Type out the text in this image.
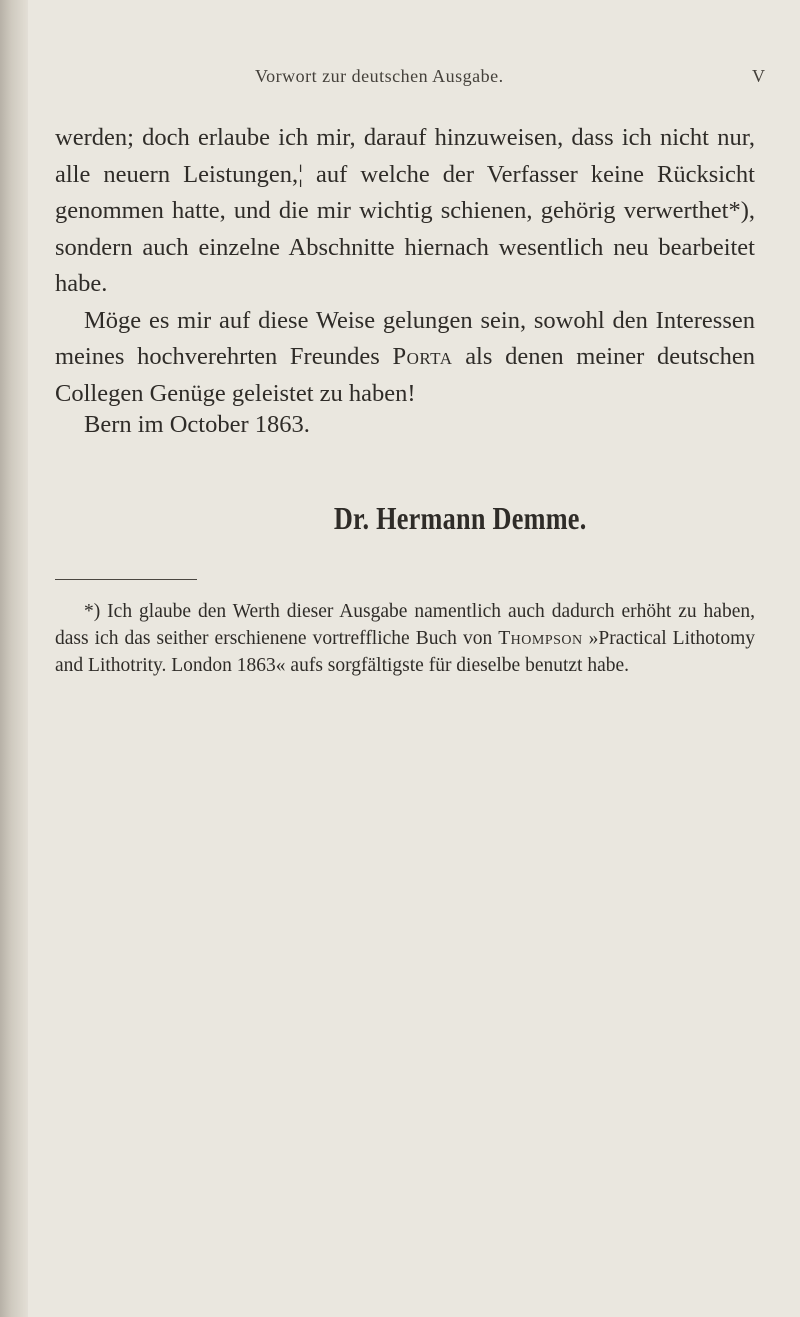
Vorwort zur deutschen Ausgabe.	V

werden; doch erlaube ich mir, darauf hinzuweisen, dass ich nicht nur, alle neuern Leistungen,¦ auf welche der Verfasser keine Rücksicht genommen hatte, und die mir wichtig schienen, gehörig verwerthet*), sondern auch einzelne Abschnitte hiernach wesentlich neu bearbeitet habe.

Möge es mir auf diese Weise gelungen sein, sowohl den Interessen meines hochverehrten Freundes Porta als denen meiner deutschen Collegen Genüge geleistet zu haben!

Bern im October 1863.
Dr. Hermann Demme.

*) Ich glaube den Werth dieser Ausgabe namentlich auch dadurch erhöht zu haben, dass ich das seither erschienene vortreffliche Buch von Thompson »Practical Lithotomy and Lithotrity. London 1863« aufs sorgfältigste für dieselbe benutzt habe.
